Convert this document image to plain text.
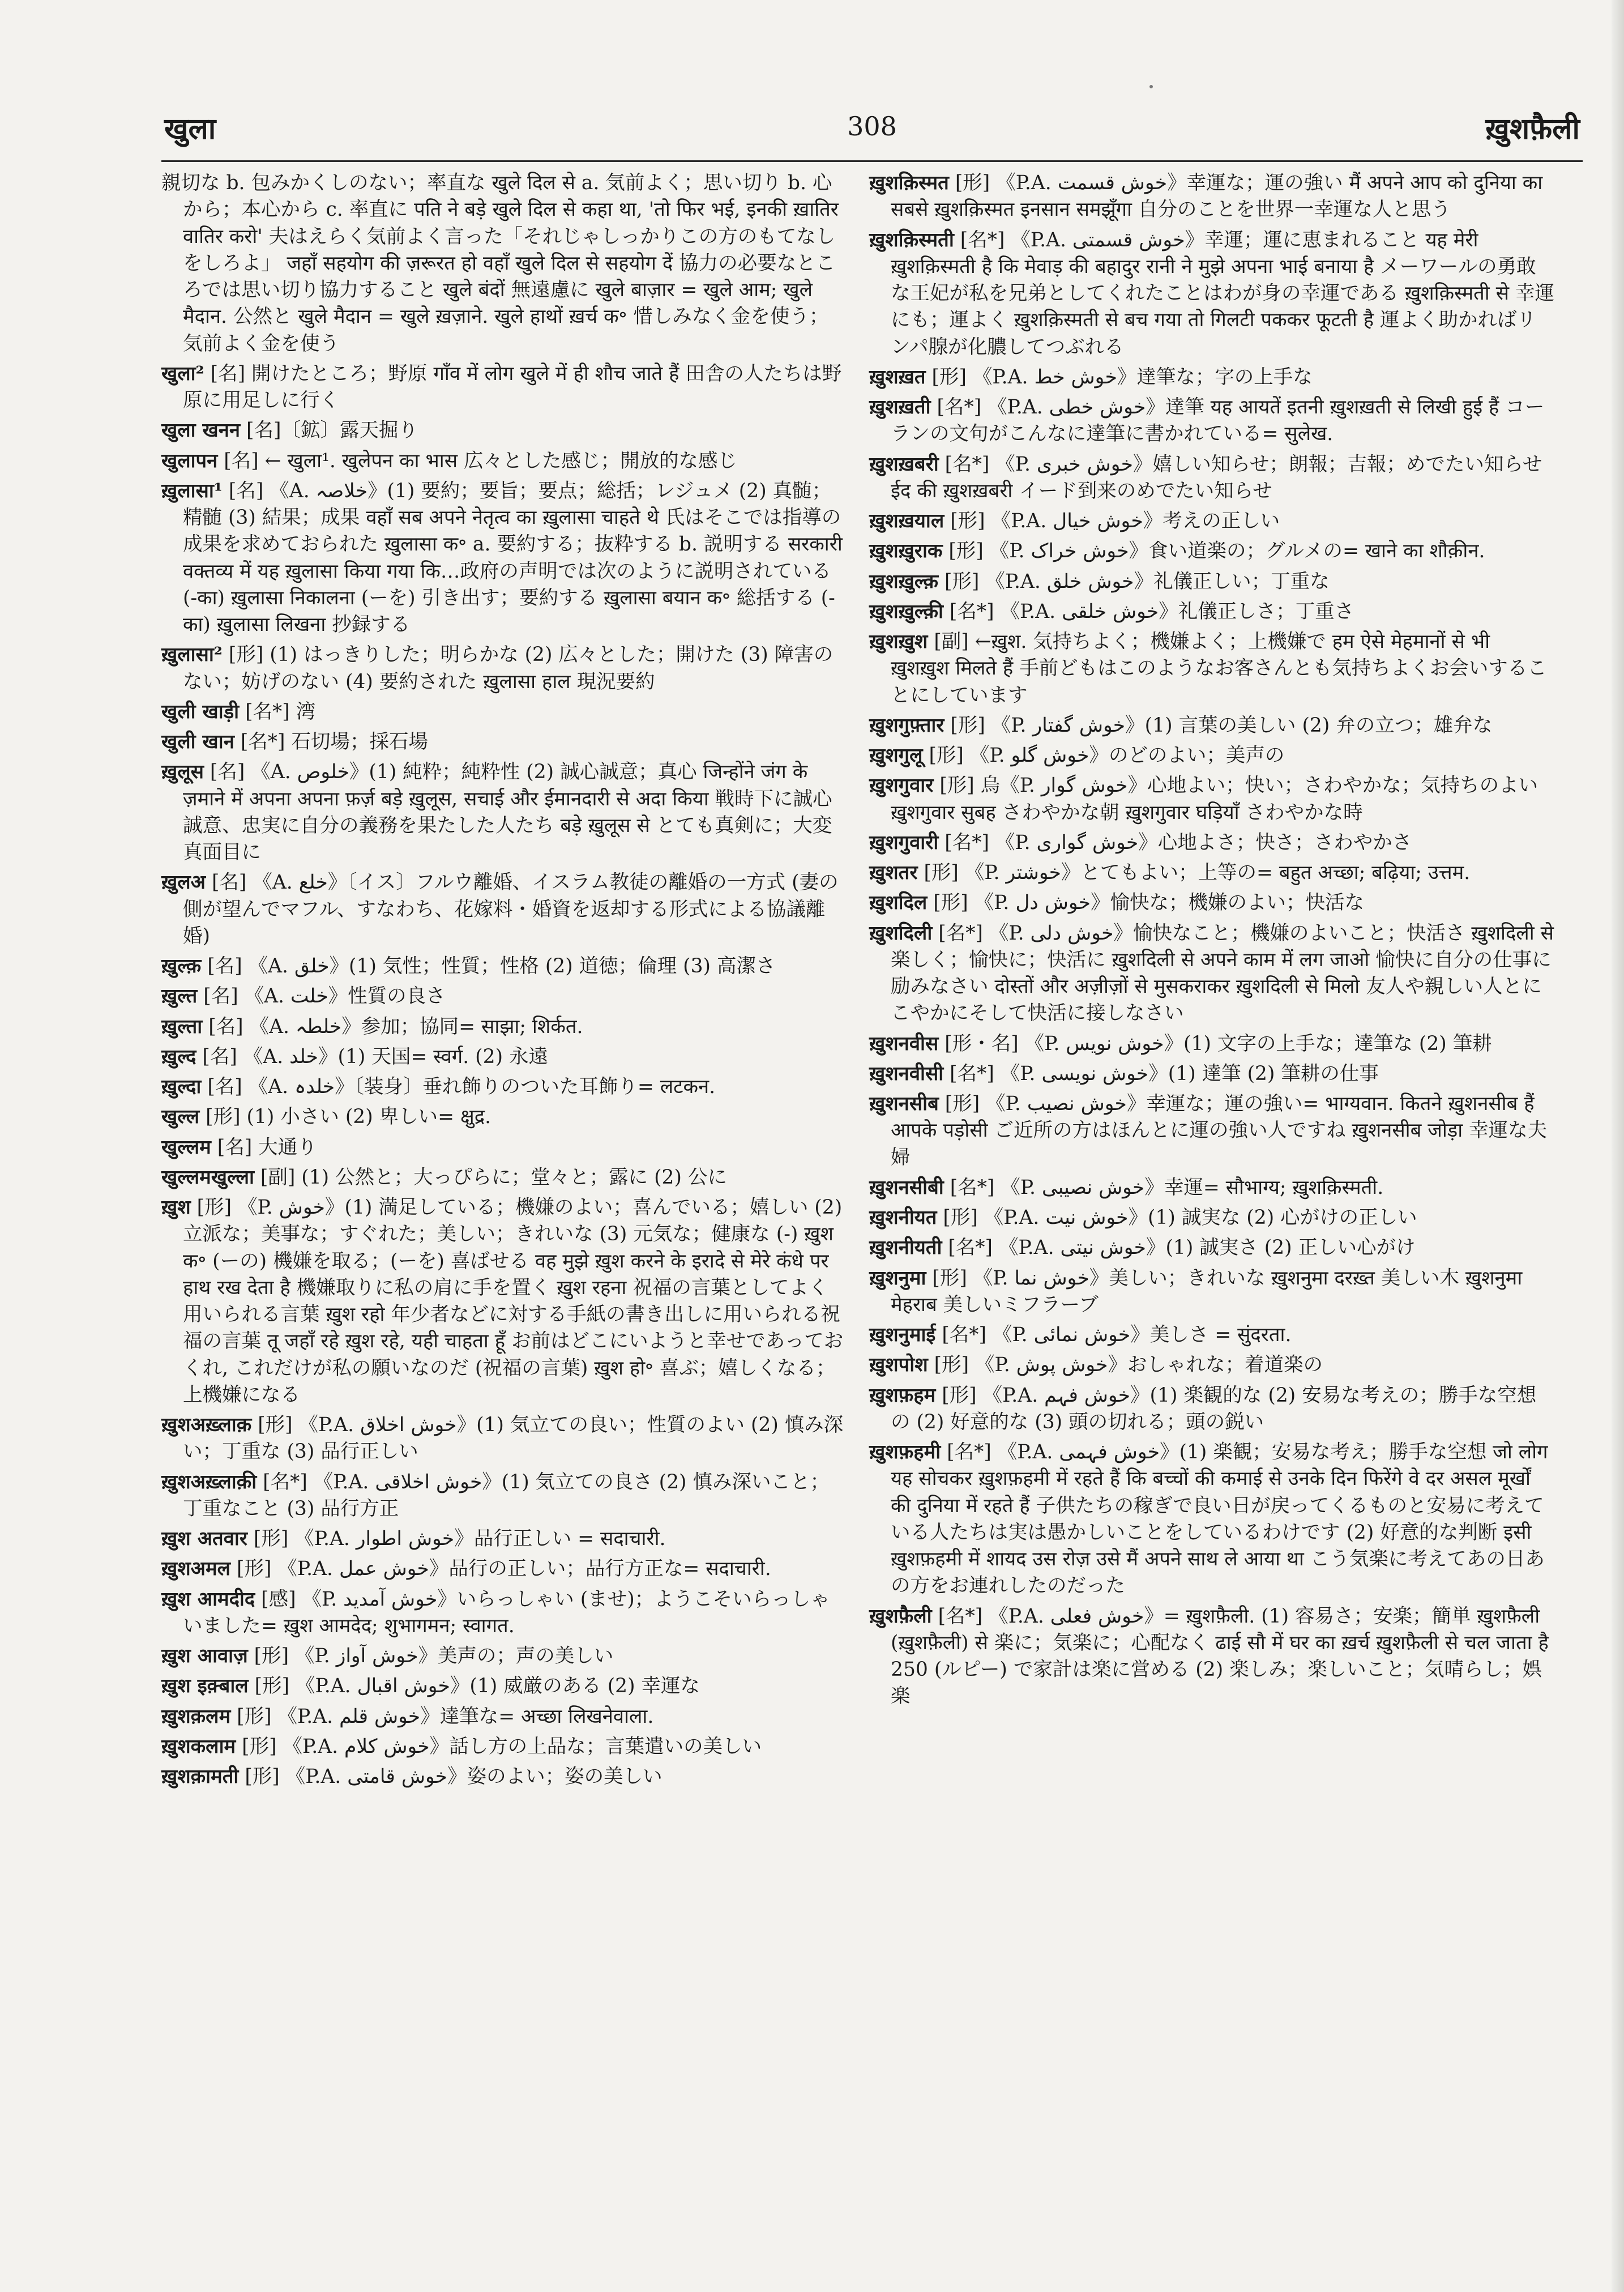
खुला	308	ख़ुशफ़ैली

親切な b. 包みかくしのない；率直な खुले दिल से a. 気前よく；思い切り b. 心から；本心から c. 率直に पति ने बड़े खुले दिल से कहा था, 'तो फिर भई, इनकी ख़ातिर वातिर करो' 夫はえらく気前よく言った「それじゃしっかりこの方のもてなしをしろよ」 जहाँ सहयोग की ज़रूरत हो वहाँ खुले दिल से सहयोग दें 協力の必要なところでは思い切り協力すること खुले बंदों 無遠慮に खुले बाज़ार = खुले आम; खुले मैदान. 公然と खुले मैदान = खुले ख़ज़ाने. खुले हाथों ख़र्च क॰ 惜しみなく金を使う；気前よく金を使う

खुला² [名] 開けたところ；野原 गाँव में लोग खुले में ही शौच जाते हैं 田舎の人たちは野原に用足しに行く

खुला खनन [名]〔鉱〕露天掘り

खुलापन [名] ← खुला¹. खुलेपन का भास 広々とした感じ；開放的な感じ

ख़ुलासा¹ [名] 《A. خلاصہ》(1) 要約；要旨；要点；総括；レジュメ (2) 真髄；精髄 (3) 結果；成果 वहाँ सब अपने नेतृत्व का ख़ुलासा चाहते थे 氏はそこでは指導の成果を求めておられた ख़ुलासा क॰ a. 要約する；抜粋する b. 説明する सरकारी वक्तव्य में यह ख़ुलासा किया गया कि…政府の声明では次のように説明されている (-का) ख़ुलासा निकालना (ーを) 引き出す；要約する ख़ुलासा बयान क॰ 総括する (-का) ख़ुलासा लिखना 抄録する

ख़ुलासा² [形] (1) はっきりした；明らかな (2) 広々とした；開けた (3) 障害のない；妨げのない (4) 要約された ख़ुलासा हाल 現況要約

खुली खाड़ी [名*] 湾

खुली खान [名*] 石切場；採石場

ख़ुलूस [名] 《A. خلوص》(1) 純粋；純粋性 (2) 誠心誠意；真心 जिन्होंने जंग के ज़माने में अपना अपना फ़र्ज़ बड़े ख़ुलूस, सचाई और ईमानदारी से अदा किया 戦時下に誠心誠意、忠実に自分の義務を果たした人たち बड़े ख़ुलूस से とても真剣に；大変真面目に

ख़ुलअ [名] 《A. خلع》〔イス〕フルウ離婚、イスラム教徒の離婚の一方式 (妻の側が望んでマフル、すなわち、花嫁料・婚資を返却する形式による協議離婚)

ख़ुल्क़ [名] 《A. خلق》(1) 気性；性質；性格 (2) 道徳；倫理 (3) 高潔さ

ख़ुल्त [名] 《A. خلت》性質の良さ

ख़ुल्ता [名] 《A. خلطہ》参加；協同= साझा; शिर्कत.

ख़ुल्द [名] 《A. خلد》(1) 天国= स्वर्ग. (2) 永遠

ख़ुल्दा [名] 《A. خلدہ》〔装身〕垂れ飾りのついた耳飾り= लटकन.

खुल्ल [形] (1) 小さい (2) 卑しい= क्षुद्र.

खुल्लम [名] 大通り

खुल्लमखुल्ला [副] (1) 公然と；大っぴらに；堂々と；露に (2) 公に

ख़ुश [形] 《P. خوش》(1) 満足している；機嫌のよい；喜んでいる；嬉しい (2) 立派な；美事な；すぐれた；美しい；きれいな (3) 元気な；健康な (-) ख़ुश क॰ (ーの) 機嫌を取る；(ーを) 喜ばせる वह मुझे ख़ुश करने के इरादे से मेरे कंधे पर हाथ रख देता है 機嫌取りに私の肩に手を置く ख़ुश रहना 祝福の言葉としてよく用いられる言葉 ख़ुश रहो 年少者などに対する手紙の書き出しに用いられる祝福の言葉 तू जहाँ रहे ख़ुश रहे, यही चाहता हूँ お前はどこにいようと幸せであっておくれ, これだけが私の願いなのだ (祝福の言葉) ख़ुश हो॰ 喜ぶ；嬉しくなる；上機嫌になる

ख़ुशअख़्लाक़ [形] 《P.A. خوش اخلاق》(1) 気立ての良い；性質のよい (2) 慎み深い；丁重な (3) 品行正しい

ख़ुशअख़्लाक़ी [名*] 《P.A. خوش اخلاقی》(1) 気立ての良さ (2) 慎み深いこと；丁重なこと (3) 品行方正

ख़ुश अतवार [形] 《P.A. خوش اطوار》品行正しい = सदाचारी.

ख़ुशअमल [形] 《P.A. خوش عمل》品行の正しい；品行方正な= सदाचारी.

ख़ुश आमदीद [感] 《P. خوش آمدید》いらっしゃい (ませ)；ようこそいらっしゃいました= ख़ुश आमदेद; शुभागमन; स्वागत.

ख़ुश आवाज़ [形] 《P. خوش آواز》美声の；声の美しい

ख़ुश इक़्बाल [形] 《P.A. خوش اقبال》(1) 威厳のある (2) 幸運な

ख़ुशक़लम [形] 《P.A. خوش قلم》達筆な= अच्छा लिखनेवाला.

ख़ुशकलाम [形] 《P.A. خوش کلام》話し方の上品な；言葉遣いの美しい

ख़ुशक़ामती [形] 《P.A. خوش قامتی》姿のよい；姿の美しい

ख़ुशक़िस्मत [形] 《P.A. خوش قسمت》幸運な；運の強い मैं अपने आप को दुनिया का सबसे ख़ुशक़िस्मत इनसान समझूँगा 自分のことを世界一幸運な人と思う

ख़ुशक़िस्मती [名*] 《P.A. خوش قسمتی》幸運；運に恵まれること यह मेरी ख़ुशक़िस्मती है कि मेवाड़ की बहादुर रानी ने मुझे अपना भाई बनाया है メーワールの勇敢な王妃が私を兄弟としてくれたことはわが身の幸運である ख़ुशक़िस्मती से 幸運にも；運よく ख़ुशक़िस्मती से बच गया तो गिलटी पककर फूटती है 運よく助かればリンパ腺が化膿してつぶれる

ख़ुशख़त [形] 《P.A. خوش خط》達筆な；字の上手な

ख़ुशख़ती [名*] 《P.A. خوش خطی》達筆 यह आयतें इतनी ख़ुशख़ती से लिखी हुई हैं コーランの文句がこんなに達筆に書かれている= सुलेख.

ख़ुशख़बरी [名*] 《P. خوش خبری》嬉しい知らせ；朗報；吉報；めでたい知らせ ईद की ख़ुशख़बरी イード到来のめでたい知らせ

ख़ुशख़याल [形] 《P.A. خوش خیال》考えの正しい

ख़ुशख़ुराक [形] 《P. خوش خراک》食い道楽の；グルメの= खाने का शौक़ीन.

ख़ुशख़ुल्क़ [形] 《P.A. خوش خلق》礼儀正しい；丁重な

ख़ुशख़ुल्क़ी [名*] 《P.A. خوش خلقی》礼儀正しさ；丁重さ

ख़ुशख़ुश [副] ←ख़ुश. 気持ちよく；機嫌よく；上機嫌で हम ऐसे मेहमानों से भी ख़ुशख़ुश मिलते हैं 手前どもはこのようなお客さんとも気持ちよくお会いすることにしています

ख़ुशगुफ़्तार [形] 《P. خوش گفتار》(1) 言葉の美しい (2) 弁の立つ；雄弁な

ख़ुशगुलू [形] 《P. خوش گلو》のどのよい；美声の

ख़ुशगुवार [形] 烏《P. خوش گوار》心地よい；快い；さわやかな；気持ちのよい ख़ुशगुवार सुबह さわやかな朝 ख़ुशगुवार घड़ियाँ さわやかな時

ख़ुशगुवारी [名*] 《P. خوش گواری》心地よさ；快さ；さわやかさ

ख़ुशतर [形] 《P. خوشتر》とてもよい；上等の= बहुत अच्छा; बढ़िया; उत्तम.

ख़ुशदिल [形] 《P. خوش دل》愉快な；機嫌のよい；快活な

ख़ुशदिली [名*] 《P. خوش دلی》愉快なこと；機嫌のよいこと；快活さ ख़ुशदिली से 楽しく；愉快に；快活に ख़ुशदिली से अपने काम में लग जाओ 愉快に自分の仕事に励みなさい दोस्तों और अज़ीज़ों से मुसकराकर ख़ुशदिली से मिलो 友人や親しい人とにこやかにそして快活に接しなさい

ख़ुशनवीस [形・名] 《P. خوش نویس》(1) 文字の上手な；達筆な (2) 筆耕

ख़ुशनवीसी [名*] 《P. خوش نویسی》(1) 達筆 (2) 筆耕の仕事

ख़ुशनसीब [形] 《P. خوش نصیب》幸運な；運の強い= भाग्यवान. कितने ख़ुशनसीब हैं आपके पड़ोसी ご近所の方はほんとに運の強い人ですね ख़ुशनसीब जोड़ा 幸運な夫婦

ख़ुशनसीबी [名*] 《P. خوش نصیبی》幸運= सौभाग्य; ख़ुशक़िस्मती.

ख़ुशनीयत [形] 《P.A. خوش نیت》(1) 誠実な (2) 心がけの正しい

ख़ुशनीयती [名*] 《P.A. خوش نیتی》(1) 誠実さ (2) 正しい心がけ

ख़ुशनुमा [形] 《P. خوش نما》美しい；きれいな ख़ुशनुमा दरख़्त 美しい木 ख़ुशनुमा मेहराब 美しいミフラーブ

ख़ुशनुमाई [名*] 《P. خوش نمائی》美しさ = सुंदरता.

ख़ुशपोश [形] 《P. خوش پوش》おしゃれな；着道楽の

ख़ुशफ़हम [形] 《P.A. خوش فہم》(1) 楽観的な (2) 安易な考えの；勝手な空想の (2) 好意的な (3) 頭の切れる；頭の鋭い

ख़ुशफ़हमी [名*] 《P.A. خوش فہمی》(1) 楽観；安易な考え；勝手な空想 जो लोग यह सोचकर ख़ुशफ़हमी में रहते हैं कि बच्चों की कमाई से उनके दिन फिरेंगे वे दर असल मूर्खों की दुनिया में रहते हैं 子供たちの稼ぎで良い日が戻ってくるものと安易に考えている人たちは実は愚かしいことをしているわけです (2) 好意的な判断 इसी ख़ुशफ़हमी में शायद उस रोज़ उसे मैं अपने साथ ले आया था こう気楽に考えてあの日あの方をお連れしたのだった

ख़ुशफ़ैली [名*] 《P.A. خوش فعلی》= ख़ुशफ़ैली. (1) 容易さ；安楽；簡単 ख़ुशफ़ैली (ख़ुशफ़ैली) से 楽に；気楽に；心配なく ढाई सौ में घर का ख़र्च ख़ुशफ़ैली से चल जाता है 250 (ルピー) で家計は楽に営める (2) 楽しみ；楽しいこと；気晴らし；娯楽
